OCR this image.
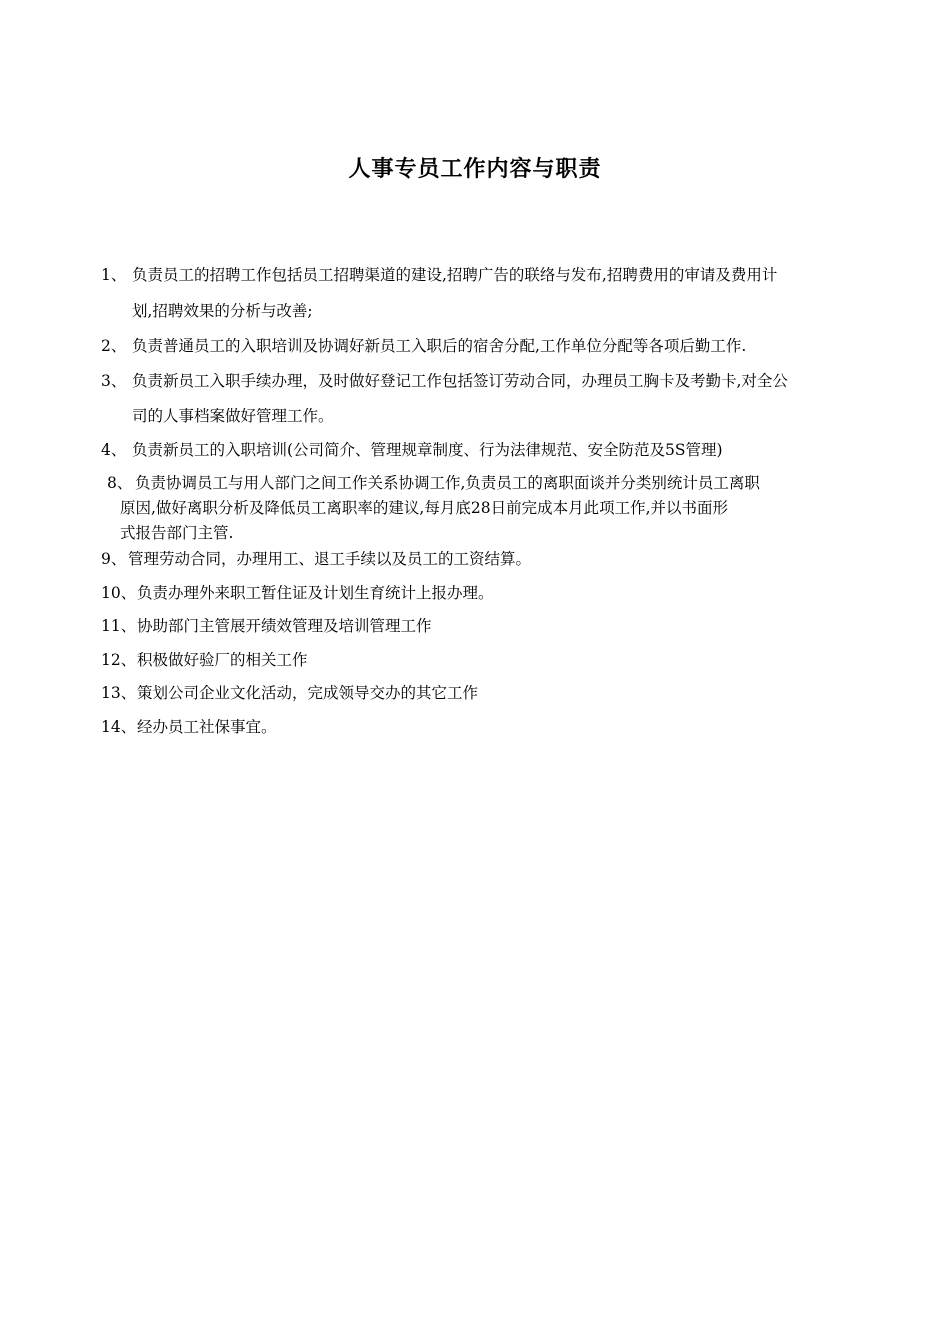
人事专员工作内容与职责
1、 负责员工的招聘工作包括员工招聘渠道的建设,招聘广告的联络与发布,招聘费用的审请及费用计
划,招聘效果的分析与改善;
2、 负责普通员工的入职培训及协调好新员工入职后的宿舍分配,工作单位分配等各项后勤工作.
3、 负责新员工入职手续办理，及时做好登记工作包括签订劳动合同，办理员工胸卡及考勤卡,对全公
司的人事档案做好管理工作。
4、 负责新员工的入职培训(公司简介、管理规章制度、行为法律规范、安全防范及5S管理)
8、 负责协调员工与用人部门之间工作关系协调工作,负责员工的离职面谈并分类别统计员工离职
原因,做好离职分析及降低员工离职率的建议,每月底28日前完成本月此项工作,并以书面形
式报告部门主管.
9、 管理劳动合同，办理用工、退工手续以及员工的工资结算。
10、 负责办理外来职工暂住证及计划生育统计上报办理。
11、 协助部门主管展开绩效管理及培训管理工作
12、 积极做好验厂的相关工作
13、 策划公司企业文化活动，完成领导交办的其它工作
14、 经办员工社保事宜。
